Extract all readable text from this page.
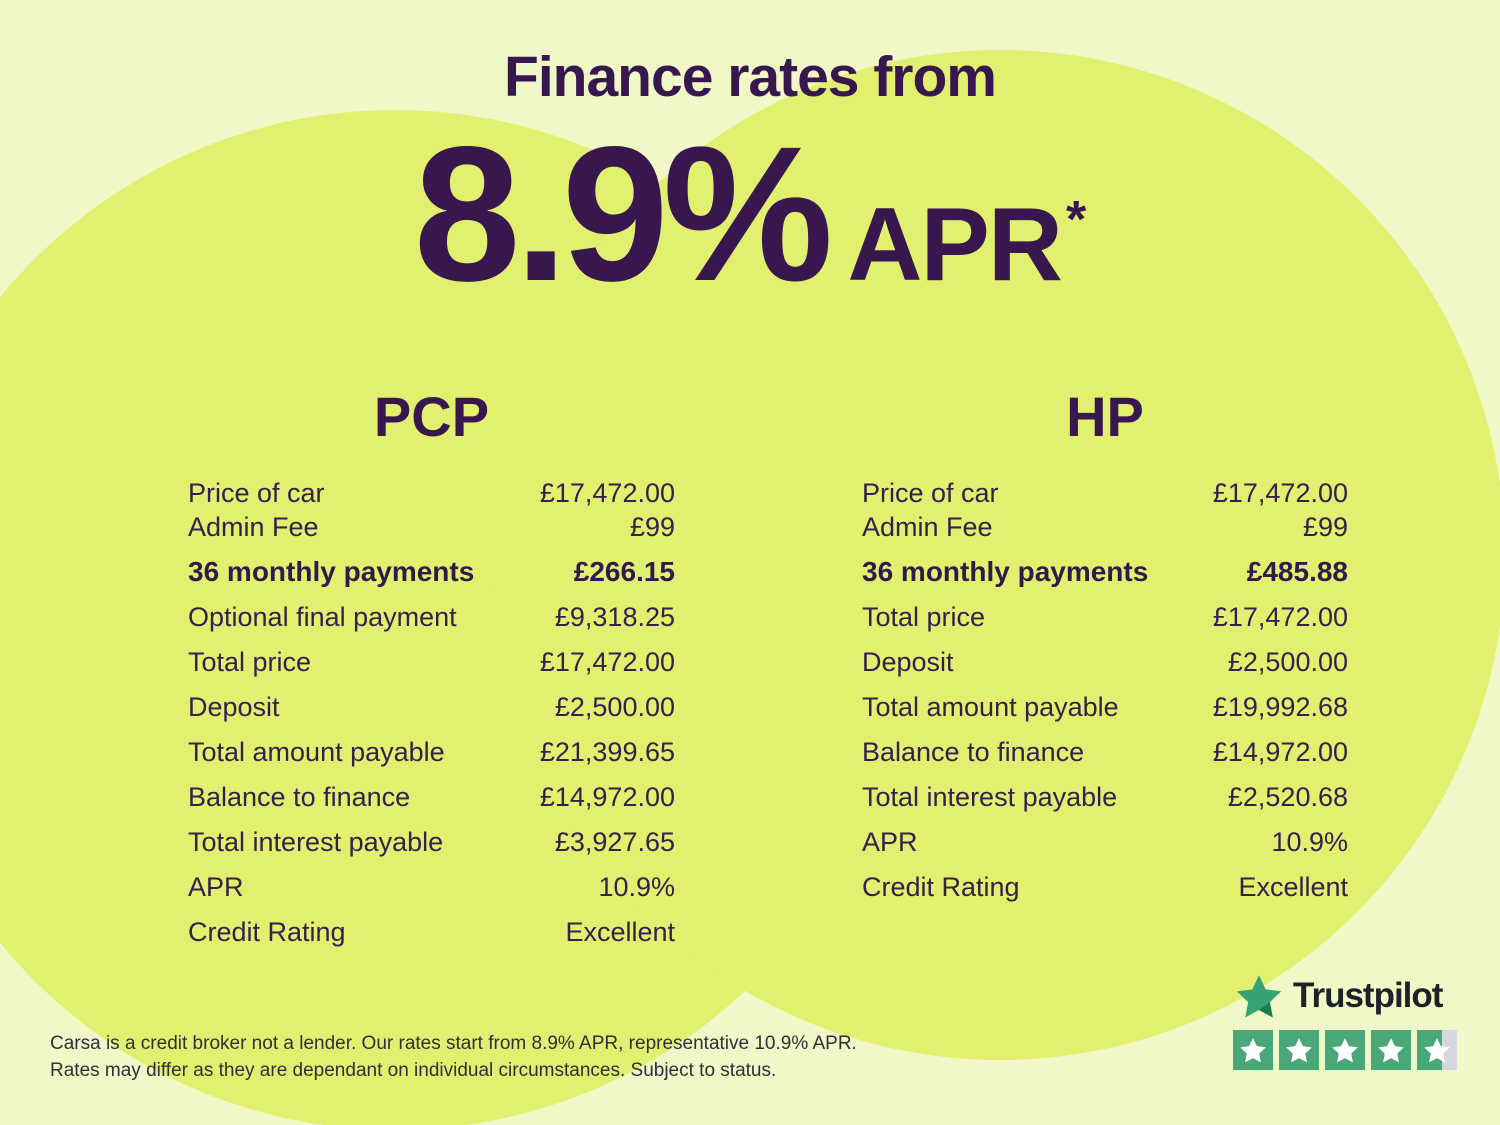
Finance rates from
8.9% APR*
PCP
Price of car	£17,472.00
Admin Fee	£99
36 monthly payments	£266.15
Optional final payment	£9,318.25
Total price	£17,472.00
Deposit	£2,500.00
Total amount payable	£21,399.65
Balance to finance	£14,972.00
Total interest payable	£3,927.65
APR	10.9%
Credit Rating	Excellent
HP
Price of car	£17,472.00
Admin Fee	£99
36 monthly payments	£485.88
Total price	£17,472.00
Deposit	£2,500.00
Total amount payable	£19,992.68
Balance to finance	£14,972.00
Total interest payable	£2,520.68
APR	10.9%
Credit Rating	Excellent
Carsa is a credit broker not a lender. Our rates start from 8.9% APR, representative 10.9% APR.
Rates may differ as they are dependant on individual circumstances. Subject to status.
Trustpilot
